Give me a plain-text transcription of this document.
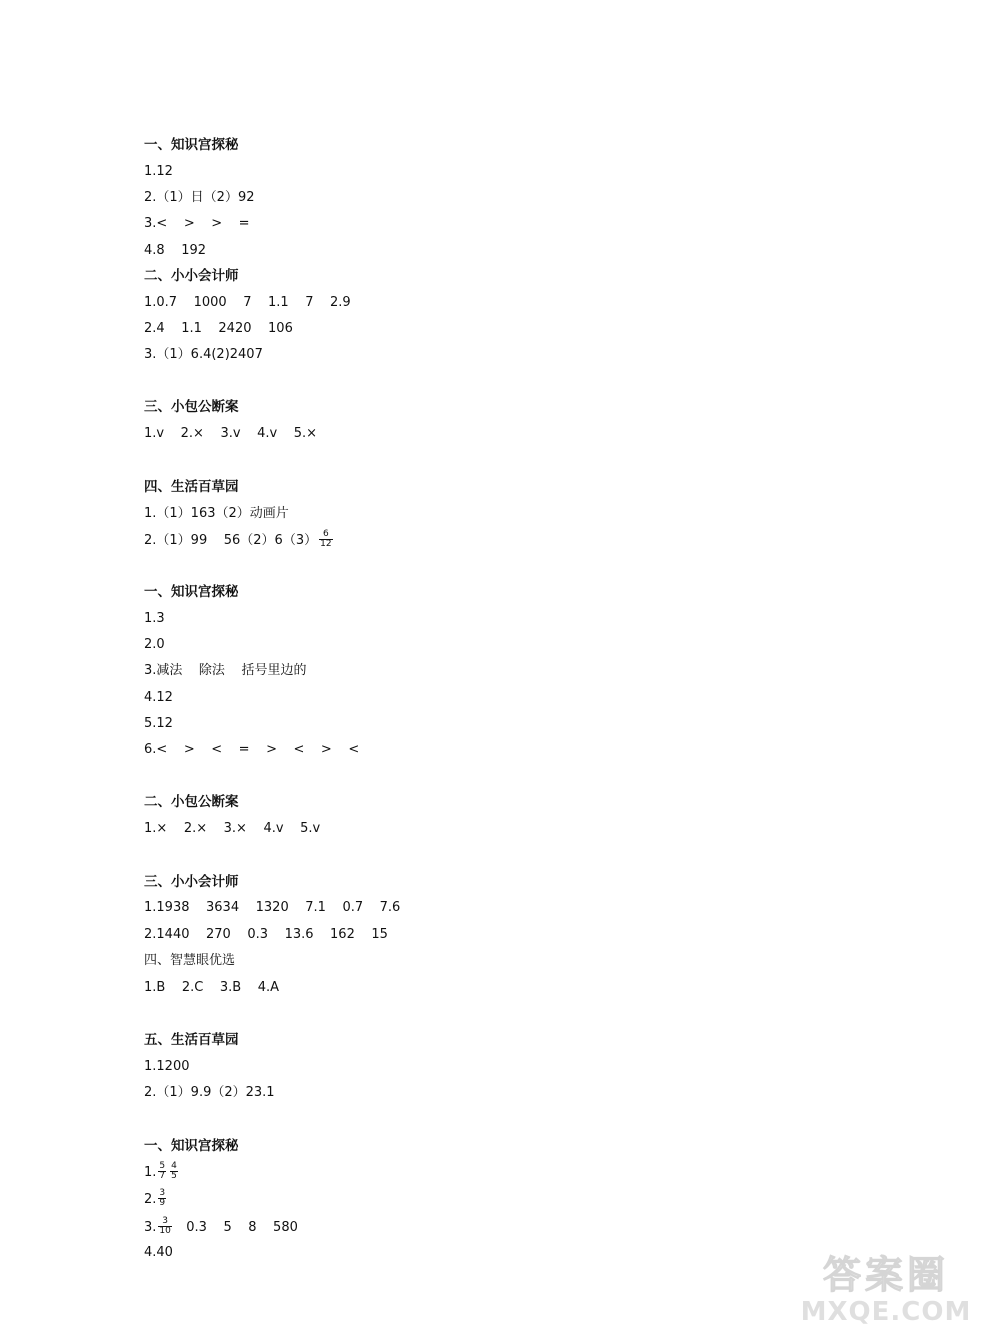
一、知识宫探秘
1.12
2.（1）日（2）92
3.<    >    >    =
4.8    192
二、小小会计师
1.0.7    1000    7    1.1    7    2.9
2.4    1.1    2420    106
3.（1）6.4(2)2407
三、小包公断案
1.v    2.×    3.v    4.v    5.×
四、生活百草园
1.（1）163（2）动画片
2.（1）99    $56(2)6(3) \frac{6}{12}$
一、知识宫探秘
1.3
2.0
3.减法    除法    括号里边的
4.12
5.12
6.<    >    <    =    >    <    >    <
二、小包公断案
1.×    2.×    3.×    4.v    5.v
三、小小会计师
1.1938    3634    1320    7.1    0.7    7.6
2.1440    270    0.3    13.6    162    15
四、智慧眼优选
1.B    2.C    3.B    4.A
五、生活百草园
1.1200
2.（1）9.9（2）23.1
一、知识宫探秘
1. $\frac{5}{7} \frac{4}{5}$
2. $\frac{3}{9}$
3. $\frac{3}{10} 0.3$    5    8    580
4.40
答案圈
MXQE.COM
